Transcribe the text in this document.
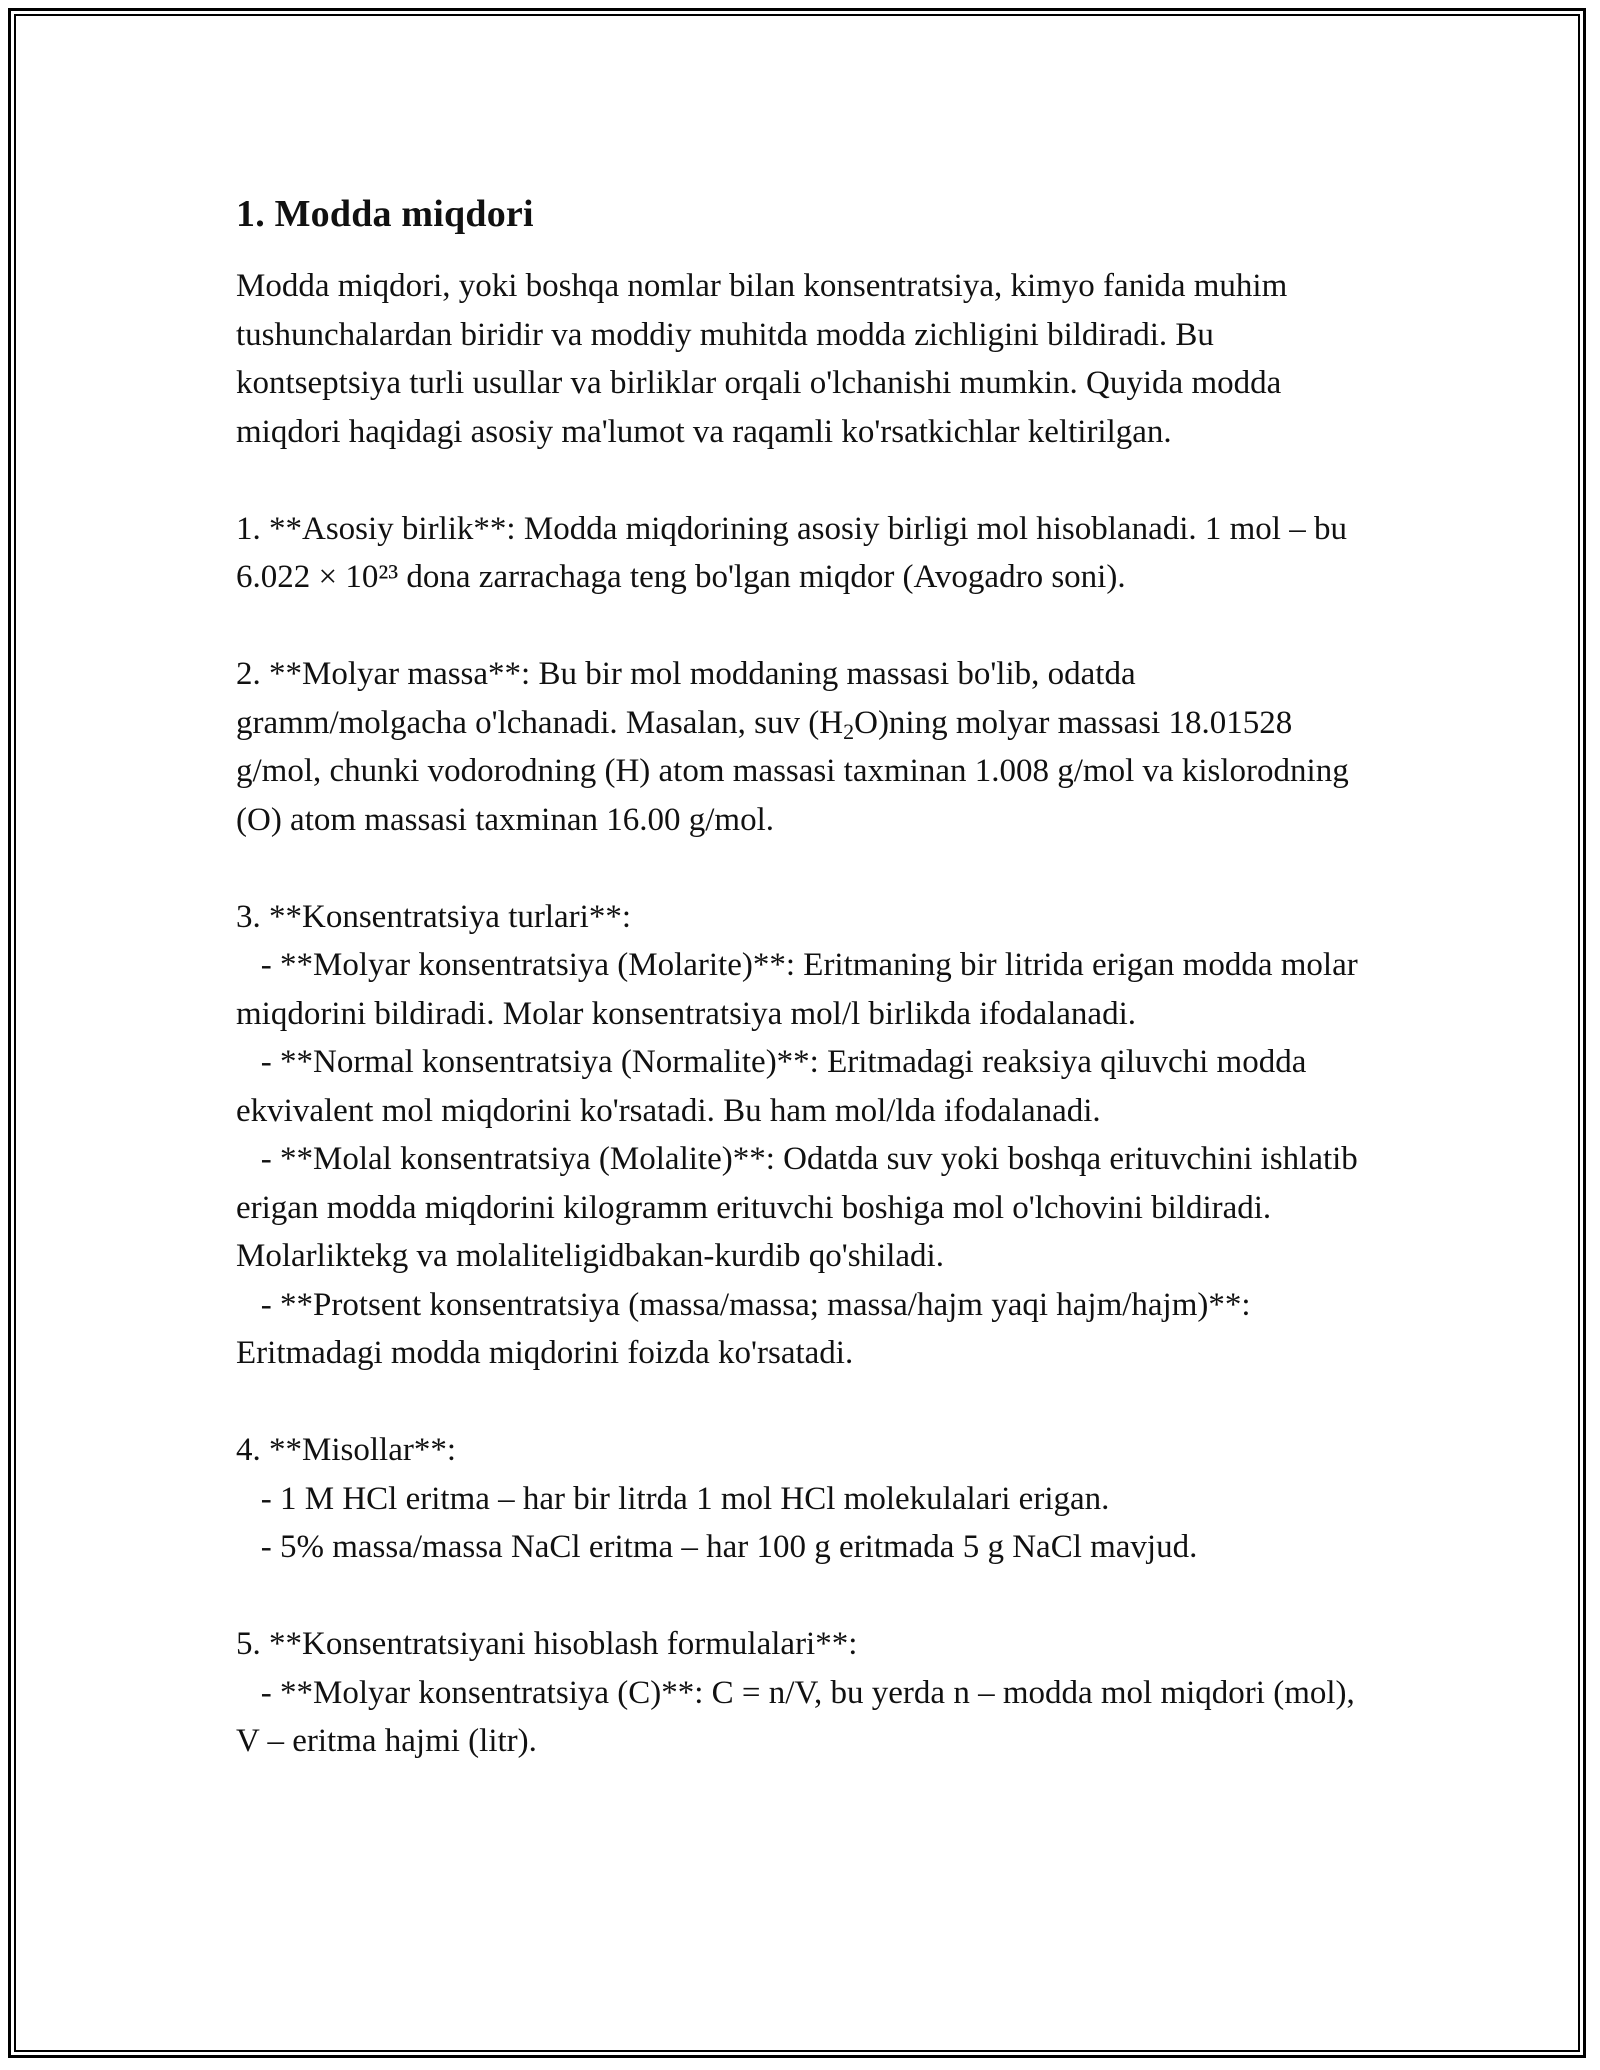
1. Modda miqdori

Modda miqdori, yoki boshqa nomlar bilan konsentratsiya, kimyo fanida muhim tushunchalardan biridir va moddiy muhitda modda zichligini bildiradi. Bu kontseptsiya turli usullar va birliklar orqali o'lchanishi mumkin. Quyida modda miqdori haqidagi asosiy ma'lumot va raqamli ko'rsatkichlar keltirilgan.

1. **Asosiy birlik**: Modda miqdorining asosiy birligi mol hisoblanadi. 1 mol – bu 6.022 × 10²³ dona zarrachaga teng bo'lgan miqdor (Avogadro soni).

2. **Molyar massa**: Bu bir mol moddaning massasi bo'lib, odatda gramm/molgacha o'lchanadi. Masalan, suv $(H_2O)ning$ molyar massasi 18.01528 g/mol, chunki vodorodning (H) atom massasi taxminan 1.008 g/mol va kislorodning (O) atom massasi taxminan 16.00 g/mol.

3. **Konsentratsiya turlari**:

- **Molyar konsentratsiya (Molarite)**: Eritmaning bir litrida erigan modda molar miqdorini bildiradi. Molar konsentratsiya mol/l birlikda ifodalanadi.

- **Normal konsentratsiya (Normalite)**: Eritmadagi reaksiya qiluvchi modda ekvivalent mol miqdorini ko'rsatadi. Bu ham mol/lda ifodalanadi.

- **Molal konsentratsiya (Molalite)**: Odatda suv yoki boshqa erituvchini ishlatib erigan modda miqdorini kilogramm erituvchi boshiga mol o'lchovini bildiradi. Molarliktekg va molaliteligidbakan-kurdib qo'shiladi.

- **Protsent konsentratsiya (massa/massa; massa/hajm yaqi hajm/hajm)**: Eritmadagi modda miqdorini foizda ko'rsatadi.

4. **Misollar**:

- 1 M HCl eritma – har bir litrda 1 mol HCl molekulalari erigan.

- 5% massa/massa NaCl eritma – har 100 g eritmada 5 g NaCl mavjud.

5. **Konsentratsiyani hisoblash formulalari**:

- **Molyar konsentratsiya (C)**: C = n/V, bu yerda n – modda mol miqdori (mol), V – eritma hajmi (litr).
